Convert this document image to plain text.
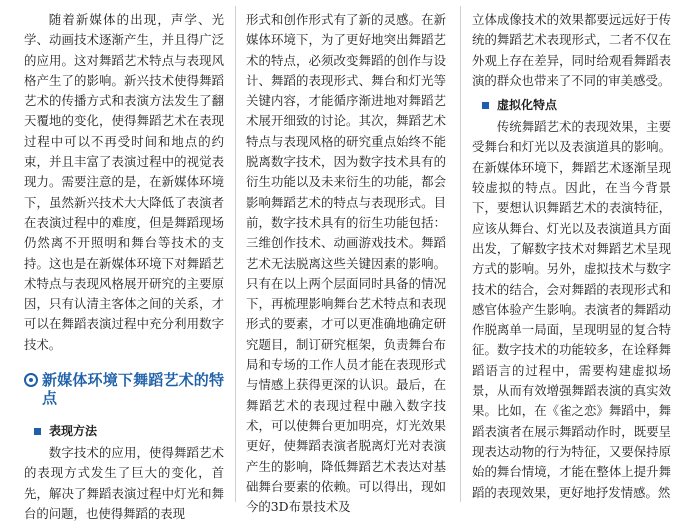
随着新媒体的出现，声学、光学、动画技术逐渐产生，并且得广泛的应用。这对舞蹈艺术特点与表现风格产生了的影响。新兴技术使得舞蹈艺术的传播方式和表演方法发生了翻天覆地的变化，使得舞蹈艺术在表现过程中可以不再受时间和地点的约束，并且丰富了表演过程中的视觉表现力。需要注意的是，在新媒体环境下，虽然新兴技术大大降低了表演者在表演过程中的难度，但是舞蹈现场仍然离不开照明和舞台等技术的支持。这也是在新媒体环境下对舞蹈艺术特点与表现风格展开研究的主要原因，只有认清主客体之间的关系，才可以在舞蹈表演过程中充分利用数字技术。

新媒体环境下舞蹈艺术的特点
表现方法

数字技术的应用，使得舞蹈艺术的表现方式发生了巨大的变化，首先，解决了舞蹈表演过程中灯光和舞台的问题，也使得舞蹈的表现

形式和创作形式有了新的灵感。在新媒体环境下，为了更好地突出舞蹈艺术的特点，必须改变舞蹈的创作与设计、舞蹈的表现形式、舞台和灯光等关键内容，才能循序渐进地对舞蹈艺术展开细致的讨论。其次，舞蹈艺术特点与表现风格的研究重点始终不能脱离数字技术，因为数字技术具有的衍生功能以及未来衍生的功能，都会影响舞蹈艺术的特点与表现形式。目前，数字技术具有的衍生功能包括：三维创作技术、动画游戏技术。舞蹈艺术无法脱离这些关键因素的影响。只有在以上两个层面同时具备的情况下，再梳理影响舞台艺术特点和表现形式的要素，才可以更准确地确定研究题目，制订研究框架，负责舞台布局和专场的工作人员才能在表现形式与情感上获得更深的认识。最后，在舞蹈艺术的表现过程中融入数字技术，可以使舞台更加明亮，灯光效果更好，使舞蹈表演者脱离灯光对表演产生的影响，降低舞蹈艺术表达对基础舞台要素的依赖。可以得出，现如今的3D布景技术及

立体成像技术的效果都要远远好于传统的舞蹈艺术表现形式，二者不仅在外观上存在差异，同时给观看舞蹈表演的群众也带来了不同的审美感受。

虚拟化特点

传统舞蹈艺术的表现效果，主要受舞台和灯光以及表演道具的影响。在新媒体环境下，舞蹈艺术逐渐呈现较虚拟的特点。因此，在当今背景下，要想认识舞蹈艺术的表演特征，应该从舞台、灯光以及表演道具方面出发，了解数字技术对舞蹈艺术呈现方式的影响。另外，虚拟技术与数字技术的结合，会对舞蹈的表现形式和感官体验产生影响。表演者的舞蹈动作脱离单一局面，呈现明显的复合特征。数字技术的功能较多，在诠释舞蹈语言的过程中，需要构建虚拟场景，从而有效增强舞蹈表演的真实效果。比如，在《雀之恋》舞蹈中，舞蹈表演者在展示舞蹈动作时，既要呈现表达动物的行为特征，又要保持原始的舞台情境，才能在整体上提升舞蹈的表现效果，更好地抒发情感。然
